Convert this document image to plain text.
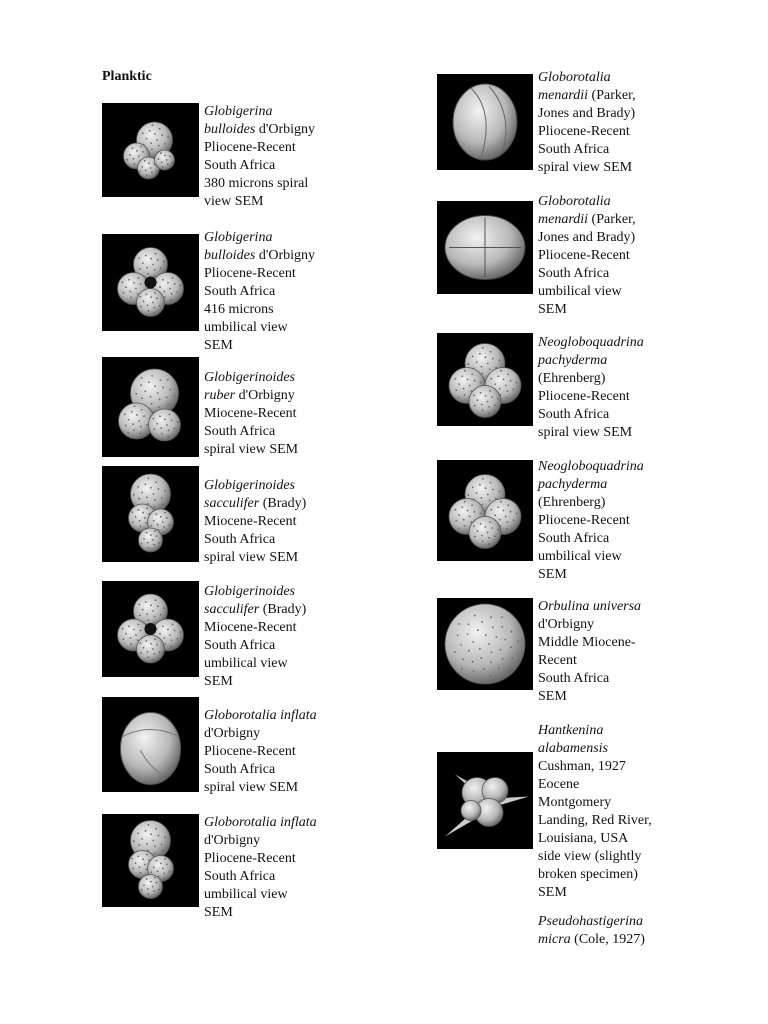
Planktic
Globigerina
bulloides d'Orbigny
Pliocene-Recent
South Africa
380 microns spiral
view SEM
Globigerina
bulloides d'Orbigny
Pliocene-Recent
South Africa
416 microns
umbilical view
SEM
Globigerinoides
ruber d'Orbigny
Miocene-Recent
South Africa
spiral view SEM
Globigerinoides
sacculifer (Brady)
Miocene-Recent
South Africa
spiral view SEM
Globigerinoides
sacculifer (Brady)
Miocene-Recent
South Africa
umbilical view
SEM
Globorotalia inflata
d'Orbigny
Pliocene-Recent
South Africa
spiral view SEM
Globorotalia inflata
d'Orbigny
Pliocene-Recent
South Africa
umbilical view
SEM
Globorotalia
menardii (Parker,
Jones and Brady)
Pliocene-Recent
South Africa
spiral view SEM
Globorotalia
menardii (Parker,
Jones and Brady)
Pliocene-Recent
South Africa
umbilical view
SEM
Neogloboquadrina
pachyderma
(Ehrenberg)
Pliocene-Recent
South Africa
spiral view SEM
Neogloboquadrina
pachyderma
(Ehrenberg)
Pliocene-Recent
South Africa
umbilical view
SEM
Orbulina universa
d'Orbigny
Middle Miocene-
Recent
South Africa
SEM
Hantkenina
alabamensis
Cushman, 1927
Eocene
Montgomery
Landing, Red River,
Louisiana, USA
side view (slightly
broken specimen)
SEM
Pseudohastigerina
micra (Cole, 1927)
